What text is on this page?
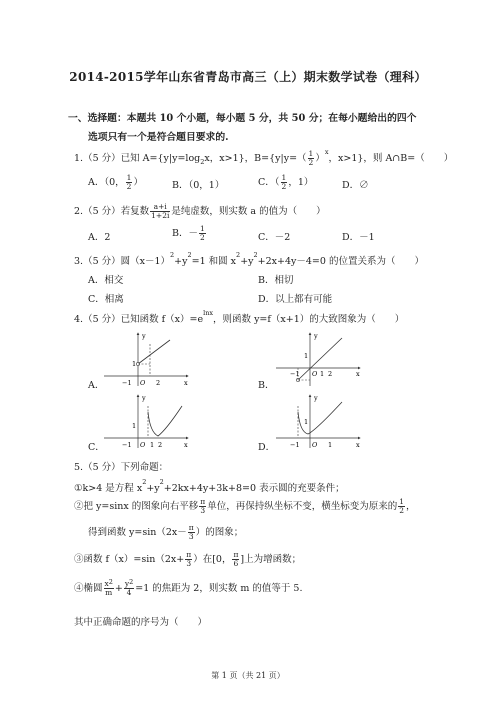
2014-2015学年山东省青岛市高三（上）期末数学试卷（理科）
一、选择题：本题共 10 个小题，每小题 5 分，共 50 分；在每小题给出的四个
选项只有一个是符合题目要求的.
1.（5 分）已知 $A=\{y|y=\log_2x$，x>1}，$B=\{y|y=( \frac{1}{2} )^x$，x>1}，则 A∩B=（　　）
A．（0， $\frac{1}{2}$ ）	B．（0，1）	C．（ $\frac{1}{2}$ ，1）	D．∅
2.（5 分）若复数 $\frac{a+i}{1+2i}$ 是纯虚数，则实数 a 的值为（　　）
A．2	B．－ $\frac{1}{2}$	C．－2	D．－1
3.（5 分）圆$(x-1)^2+y^2=1$ 和圆 $x^2+y^2+2x+4y-4=0$ 的位置关系为（　　）
A．相交	B．相切
C．相离	D．以上都有可能
4.（5 分）已知函数 $f(x)=e^{lnx}$，则函数 y=f（x+1）的大致图象为（　　）
A．	B．
C．	D．
y
x
1
−1 O 2
y
x
1
−1 O 1 2
y
x
1
−1 O 1 2
y
x
1
−1 O 1
5.（5 分）下列命题：
①k>4 是方程 $x^2+y^2+2kx+4y+3k+8=0$ 表示圆的充要条件；
②把 y=sinx 的图象向右平移 $\frac{\pi}{3}$ 单位，再保持纵坐标不变，横坐标变为原来的 $\frac{1}{2}$ ，
得到函数 $y=\sin(2x- \frac{\pi}{3}$ ）的图象；
③函数 $f(x)=\sin(2x+ \frac{\pi}{3}$ ）在[0， $\frac{\pi}{6}$ ]上为增函数；
④椭圆 $\frac{x^2}{m} + \frac{y^2}{4} =1$ 的焦距为 2，则实数 m 的值等于 5.
其中正确命题的序号为（　　）
第 1 页（共 21 页）
